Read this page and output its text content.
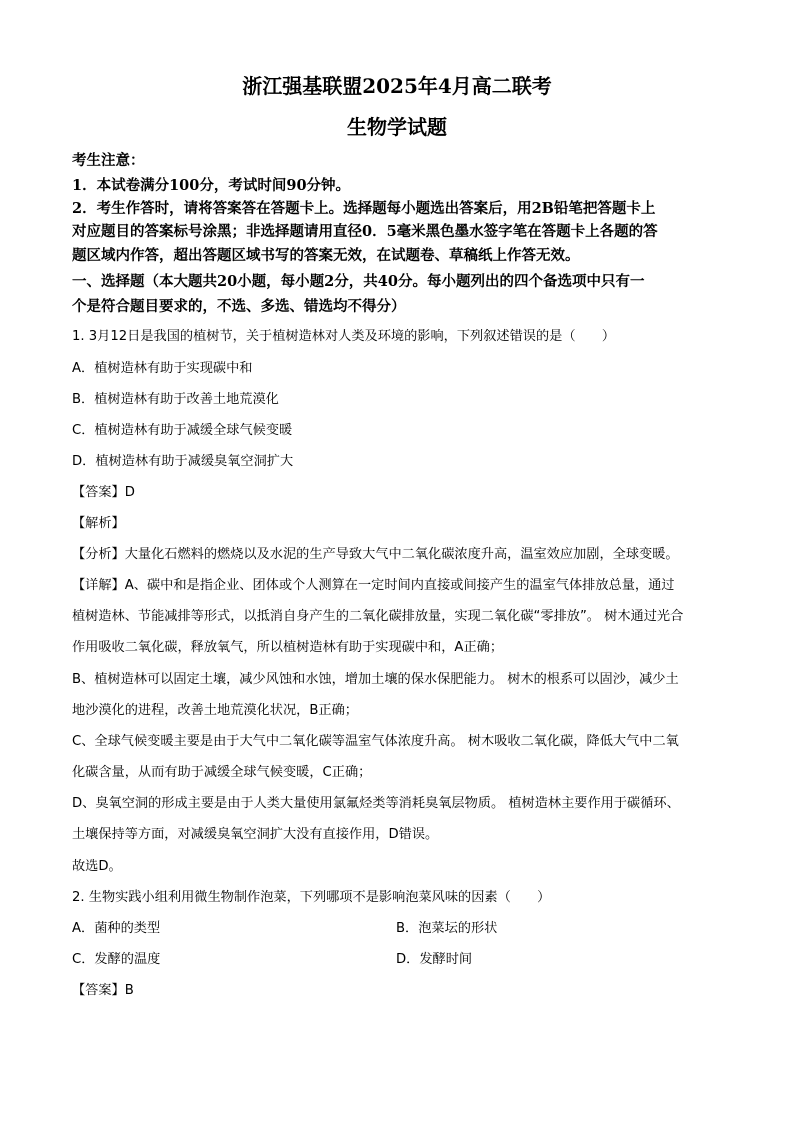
浙江强基联盟2025年4月高二联考
生物学试题
考生注意：
1．本试卷满分100分，考试时间90分钟。
2．考生作答时，请将答案答在答题卡上。选择题每小题选出答案后，用2B铅笔把答题卡上
对应题目的答案标号涂黑；非选择题请用直径0．5毫米黑色墨水签字笔在答题卡上各题的答
题区域内作答，超出答题区域书写的答案无效，在试题卷、草稿纸上作答无效。
一、选择题（本大题共20小题，每小题2分，共40分。每小题列出的四个备选项中只有一
个是符合题目要求的，不选、多选、错选均不得分）
1. 3月12日是我国的植树节，关于植树造林对人类及环境的影响，下列叙述错误的是（　　）
A．植树造林有助于实现碳中和
B．植树造林有助于改善土地荒漠化
C．植树造林有助于减缓全球气候变暖
D．植树造林有助于减缓臭氧空洞扩大
【答案】D
【解析】
【分析】大量化石燃料的燃烧以及水泥的生产导致大气中二氧化碳浓度升高，温室效应加剧，全球变暖。
【详解】A、碳中和是指企业、团体或个人测算在一定时间内直接或间接产生的温室气体排放总量，通过
植树造林、节能减排等形式，以抵消自身产生的二氧化碳排放量，实现二氧化碳“零排放”。 树木通过光合
作用吸收二氧化碳，释放氧气，所以植树造林有助于实现碳中和，A正确；
B、植树造林可以固定土壤，减少风蚀和水蚀，增加土壤的保水保肥能力。 树木的根系可以固沙，减少土
地沙漠化的进程，改善土地荒漠化状况，B正确；
C、全球气候变暖主要是由于大气中二氧化碳等温室气体浓度升高。 树木吸收二氧化碳，降低大气中二氧
化碳含量，从而有助于减缓全球气候变暖，C正确；
D、臭氧空洞的形成主要是由于人类大量使用氯氟烃类等消耗臭氧层物质。 植树造林主要作用于碳循环、
土壤保持等方面，对减缓臭氧空洞扩大没有直接作用，D错误。
故选D。
2. 生物实践小组利用微生物制作泡菜，下列哪项不是影响泡菜风味的因素（　　）
A．菌种的类型	B．泡菜坛的形状
C．发酵的温度	D．发酵时间
【答案】B
